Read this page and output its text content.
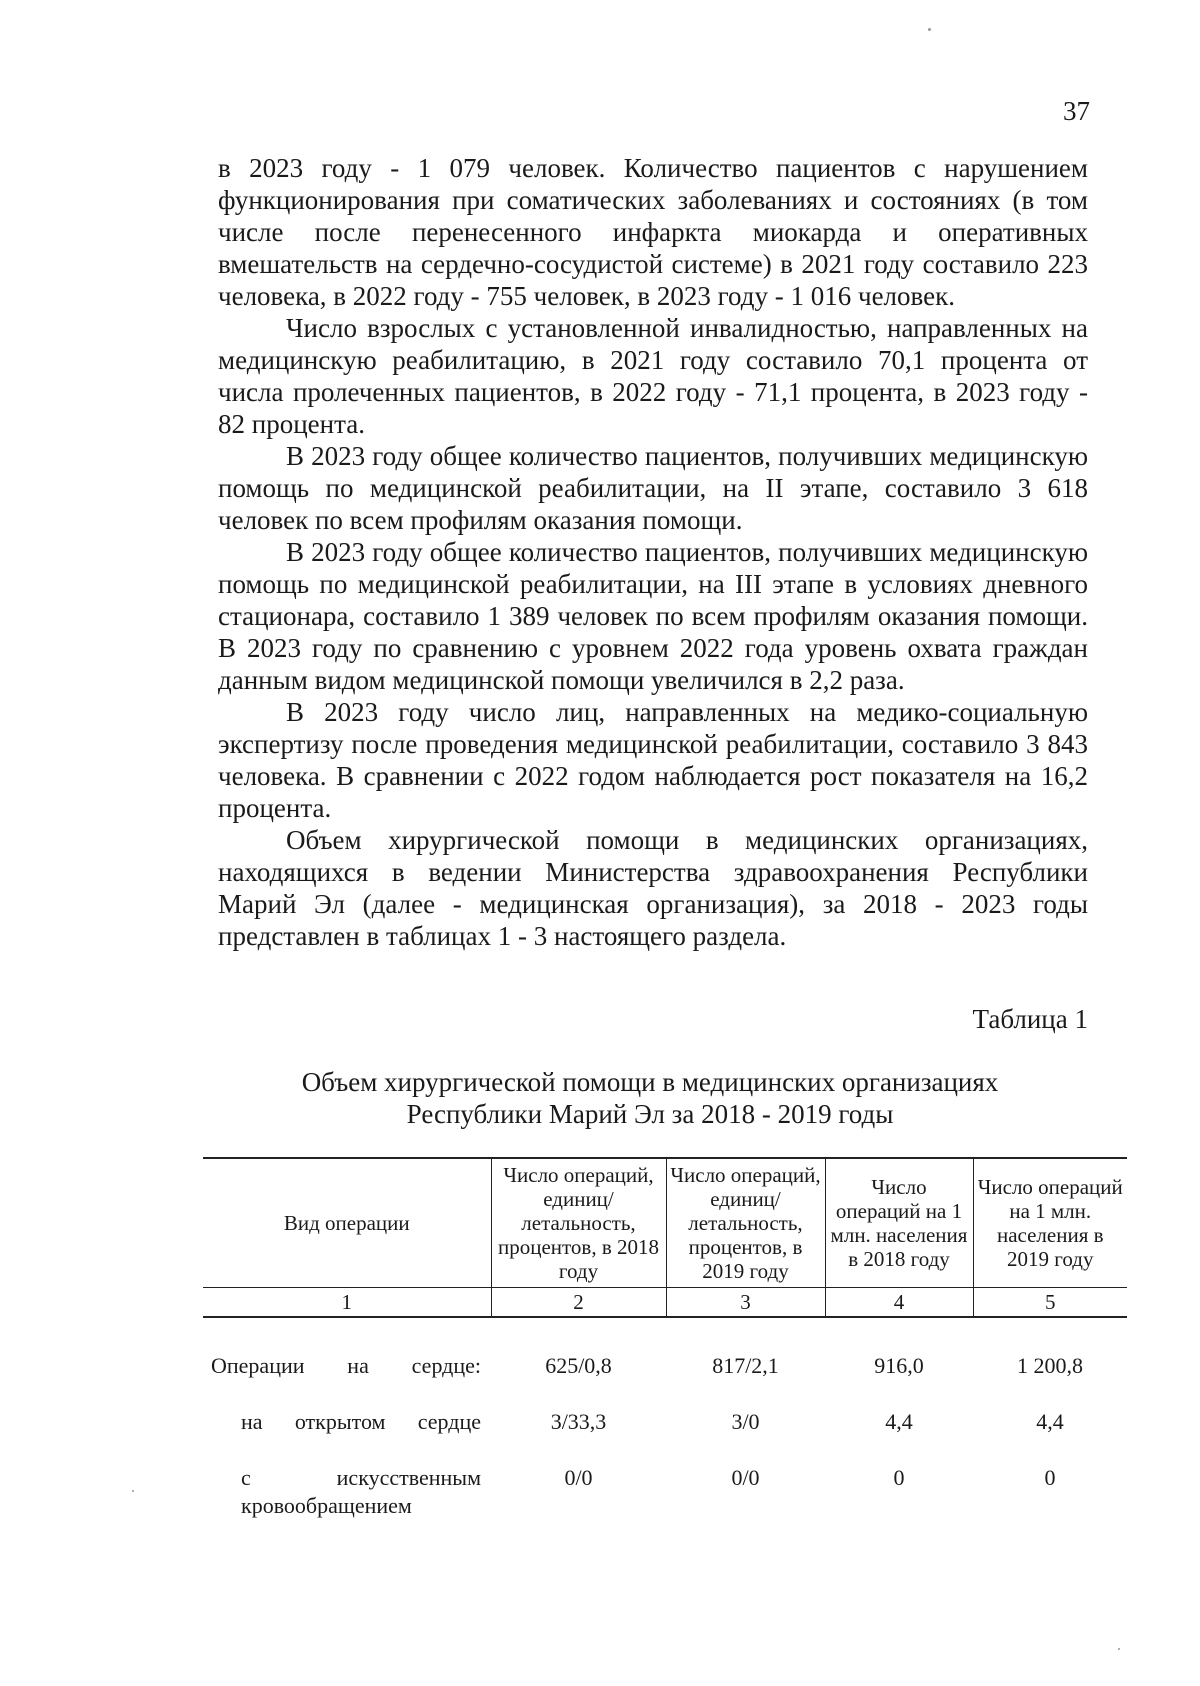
37

в 2023 году - 1 079 человек. Количество пациентов с нарушением функционирования при соматических заболеваниях и состояниях (в том числе после перенесенного инфаркта миокарда и оперативных вмешательств на сердечно-сосудистой системе) в 2021 году составило 223 человека, в 2022 году - 755 человек, в 2023 году - 1 016 человек.

Число взрослых с установленной инвалидностью, направленных на медицинскую реабилитацию, в 2021 году составило 70,1 процента от числа пролеченных пациентов, в 2022 году - 71,1 процента, в 2023 году - 82 процента.

В 2023 году общее количество пациентов, получивших медицинскую помощь по медицинской реабилитации, на II этапе, составило 3 618 человек по всем профилям оказания помощи.

В 2023 году общее количество пациентов, получивших медицинскую помощь по медицинской реабилитации, на III этапе в условиях дневного стационара, составило 1 389 человек по всем профилям оказания помощи. В 2023 году по сравнению с уровнем 2022 года уровень охвата граждан данным видом медицинской помощи увеличился в 2,2 раза.

В 2023 году число лиц, направленных на медико-социальную экспертизу после проведения медицинской реабилитации, составило 3 843 человека. В сравнении с 2022 годом наблюдается рост показателя на 16,2 процента.

Объем хирургической помощи в медицинских организациях, находящихся в ведении Министерства здравоохранения Республики Марий Эл (далее - медицинская организация), за 2018 - 2023 годы представлен в таблицах 1 - 3 настоящего раздела.

Таблица 1
Объем хирургической помощи в медицинских организациях
Республики Марий Эл за 2018 - 2019 годы
Вид операции	Число операций, единиц/ летальность, процентов, в 2018 году	Число операций, единиц/ летальность, процентов, в 2019 году	Число операций на 1 млн. населения в 2018 году	Число операций на 1 млн. населения в 2019 году
1	2	3	4	5
Операции на сердце:	625/0,8	817/2,1	916,0	1 200,8
на открытом сердце	3/33,3	3/0	4,4	4,4

с искусственным
кровообращением	0/0	0/0	0	0
